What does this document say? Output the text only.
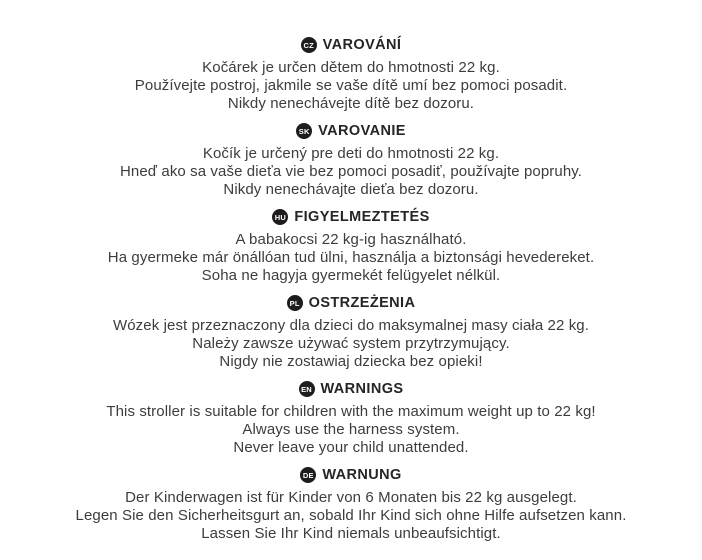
CZ VAROVÁNÍ
Kočárek je určen dětem do hmotnosti 22 kg.
Používejte postroj, jakmile se vaše dítě umí bez pomoci posadit.
Nikdy nenechávejte dítě bez dozoru.
SK VAROVANIE
Kočík je určený pre deti do hmotnosti 22 kg.
Hneď ako sa vaše dieťa vie bez pomoci posadiť, používajte popruhy.
Nikdy nenechávajte dieťa bez dozoru.
HU FIGYELMEZTETÉS
A babakocsi 22 kg-ig használható.
Ha gyermeke már önállóan tud ülni, használja a biztonsági hevedereket.
Soha ne hagyja gyermekét felügyelet nélkül.
PL OSTRZEŻENIA
Wózek jest przeznaczony dla dzieci do maksymalnej masy ciała 22 kg.
Należy zawsze używać system przytrzymujący.
Nigdy nie zostawiaj dziecka bez opieki!
EN WARNINGS
This stroller is suitable for children with the maximum weight up to 22 kg!
Always use the harness system.
Never leave your child unattended.
DE WARNUNG
Der Kinderwagen ist für Kinder von 6 Monaten bis 22 kg ausgelegt.
Legen Sie den Sicherheitsgurt an, sobald Ihr Kind sich ohne Hilfe aufsetzen kann.
Lassen Sie Ihr Kind niemals unbeaufsichtigt.
